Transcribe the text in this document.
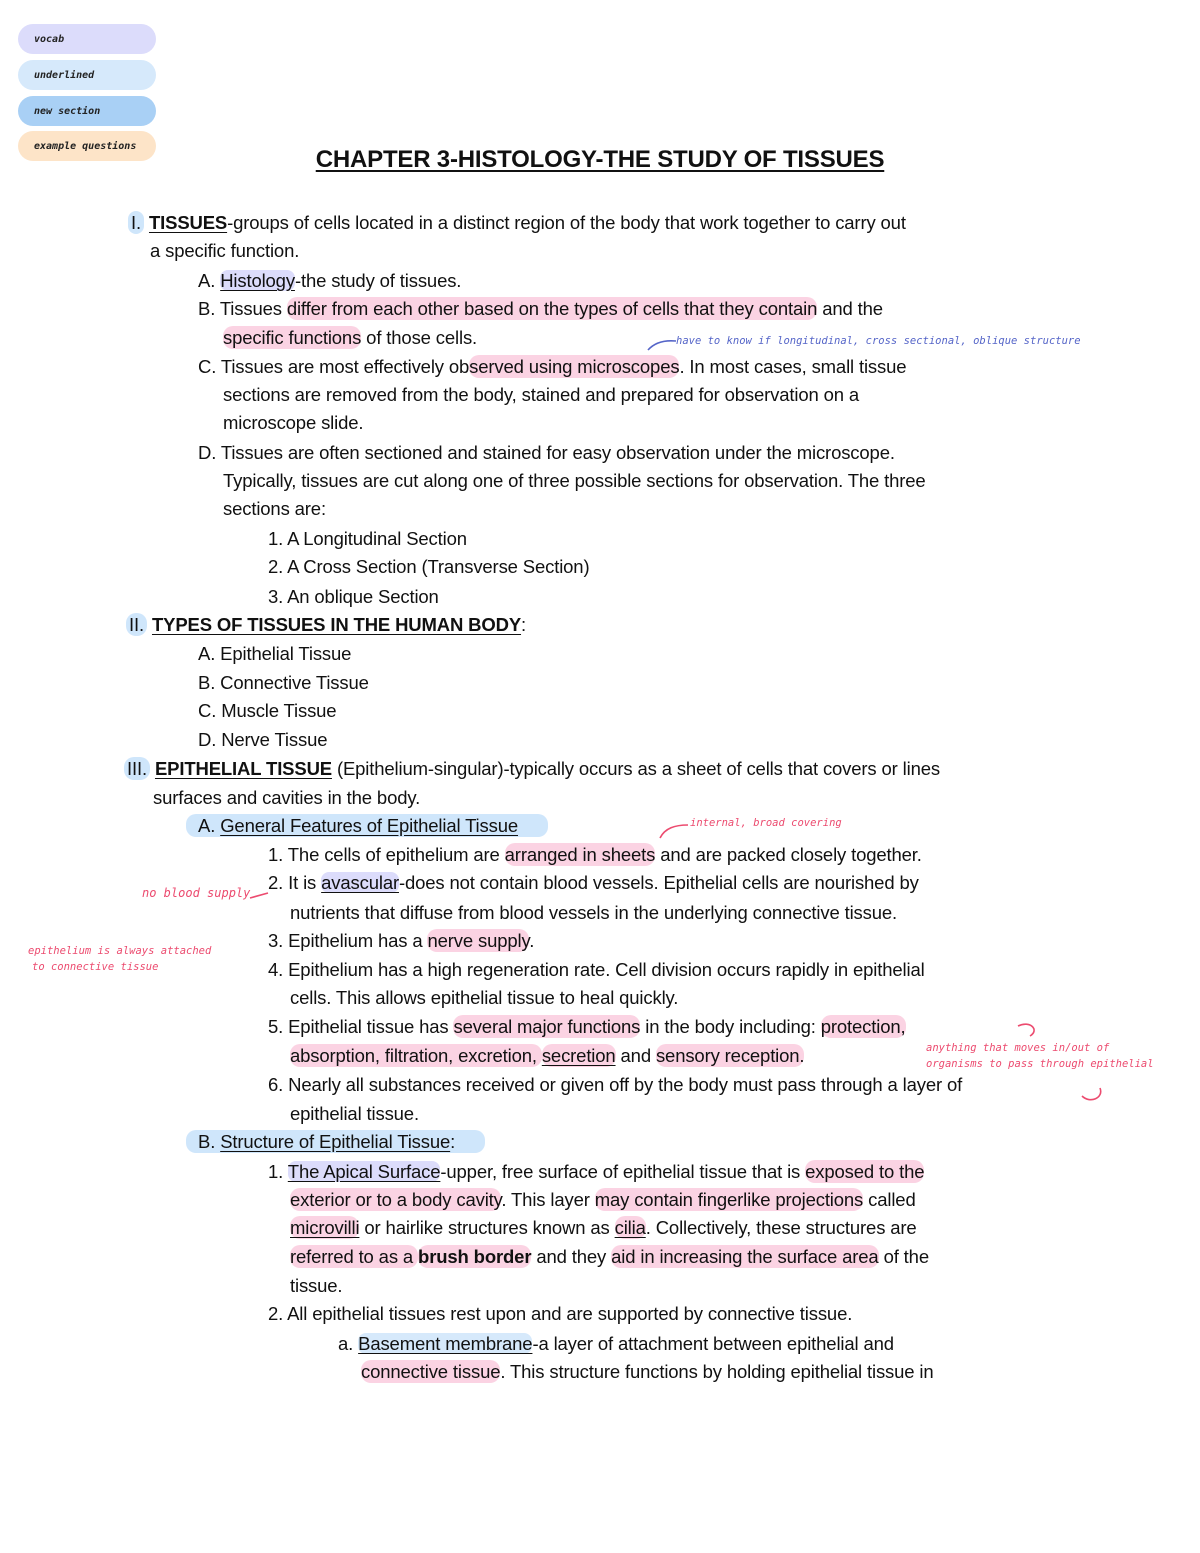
vocab
underlined
new section
example questions	CHAPTER 3-HISTOLOGY-THE STUDY OF TISSUES
I. TISSUES-groups of cells located in a distinct region of the body that work together to carry out
a specific function.
A. Histology-the study of tissues.
B. Tissues differ from each other based on the types of cells that they contain and the
specific functions of those cells.
C. Tissues are most effectively observed using microscopes. In most cases, small tissue
sections are removed from the body, stained and prepared for observation on a
microscope slide.
D. Tissues are often sectioned and stained for easy observation under the microscope.
Typically, tissues are cut along one of three possible sections for observation. The three
sections are:
1. A Longitudinal Section
2. A Cross Section (Transverse Section)
3. An oblique Section
II. TYPES OF TISSUES IN THE HUMAN BODY:
A. Epithelial Tissue
B. Connective Tissue
C. Muscle Tissue
D. Nerve Tissue
III. EPITHELIAL TISSUE (Epithelium-singular)-typically occurs as a sheet of cells that covers or lines
surfaces and cavities in the body.
A. General Features of Epithelial Tissue
1. The cells of epithelium are arranged in sheets and are packed closely together.
2. It is avascular-does not contain blood vessels. Epithelial cells are nourished by
nutrients that diffuse from blood vessels in the underlying connective tissue.
3. Epithelium has a nerve supply.
4. Epithelium has a high regeneration rate. Cell division occurs rapidly in epithelial
cells. This allows epithelial tissue to heal quickly.
5. Epithelial tissue has several major functions in the body including: protection,
absorption, filtration, excretion, secretion and sensory reception.
6. Nearly all substances received or given off by the body must pass through a layer of
epithelial tissue.
B. Structure of Epithelial Tissue:
1. The Apical Surface-upper, free surface of epithelial tissue that is exposed to the
exterior or to a body cavity. This layer may contain fingerlike projections called
microvilli or hairlike structures known as cilia. Collectively, these structures are
referred to as a brush border and they aid in increasing the surface area of the
tissue.
2. All epithelial tissues rest upon and are supported by connective tissue.
a. Basement membrane-a layer of attachment between epithelial and
connective tissue. This structure functions by holding epithelial tissue in
have to know if longitudinal, cross sectional, oblique structure
internal, broad covering
no blood supply
epithelium is always attached
to connective tissue
anything that moves in/out of
organisms to pass through epithelial
